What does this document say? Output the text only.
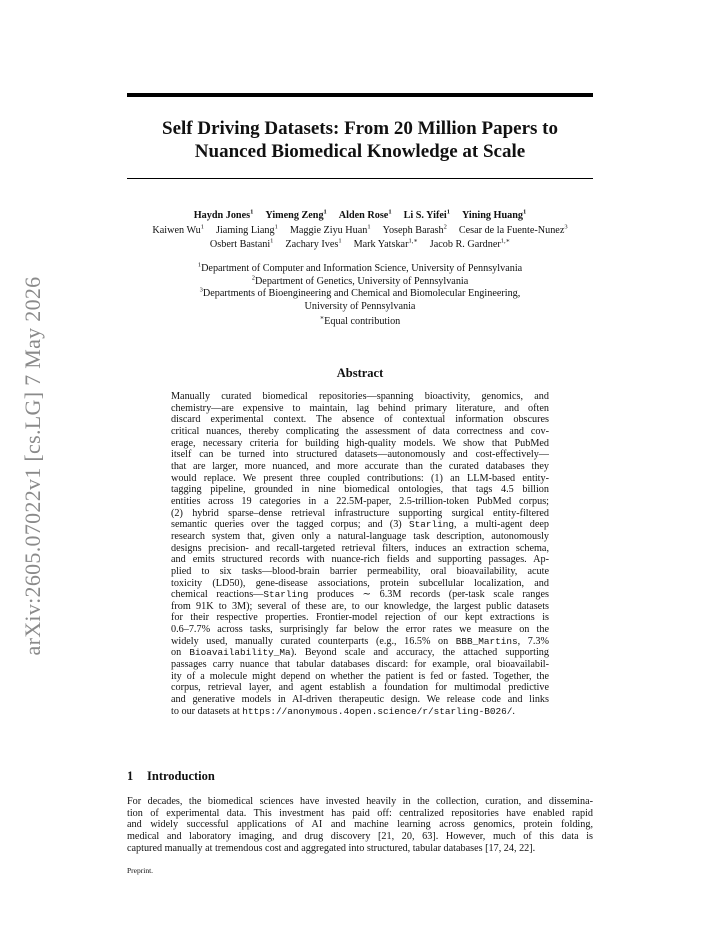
arXiv:2605.07022v1 [cs.LG] 7 May 2026
Self Driving Datasets: From 20 Million Papers to
Nuanced Biomedical Knowledge at Scale
Haydn Jones$^1$ Yimeng Zeng$^1$ Alden Rose$^1$ Li S. Yifei$^1$ Yining Huang$^1$
Kaiwen Wu$^1$ Jiaming Liang$^1$ Maggie Ziyu Huan$^1$ Yoseph Barash$^2$ Cesar de la Fuente-Nunez$^3$
Osbert Bastani$^1$ Zachary Ives$^1$ Mark Yatskar$^{1,∗}$ Jacob R. Gardner$^{1,∗}$
$^1$Department of Computer and Information Science, University of Pennsylvania
$^2$Department of Genetics, University of Pennsylvania
$^3$Departments of Bioengineering and Chemical and Biomolecular Engineering,
University of Pennsylvania
∗Equal contribution
Abstract
Manually curated biomedical repositories—spanning bioactivity, genomics, and
chemistry—are expensive to maintain, lag behind primary literature, and often
discard experimental context. The absence of contextual information obscures
critical nuances, thereby complicating the assessment of data correctness and cov-
erage, necessary criteria for building high-quality models. We show that PubMed
itself can be turned into structured datasets—autonomously and cost-effectively—
that are larger, more nuanced, and more accurate than the curated databases they
would replace. We present three coupled contributions: (1) an LLM-based entity-
tagging pipeline, grounded in nine biomedical ontologies, that tags 4.5 billion
entities across 19 categories in a 22.5M-paper, 2.5-trillion-token PubMed corpus;
(2) hybrid sparse–dense retrieval infrastructure supporting surgical entity-filtered
semantic queries over the tagged corpus; and (3) Starling, a multi-agent deep
research system that, given only a natural-language task description, autonomously
designs precision- and recall-targeted retrieval filters, induces an extraction schema,
and emits structured records with nuance-rich fields and supporting passages. Ap-
plied to six tasks—blood-brain barrier permeability, oral bioavailability, acute
toxicity (LD50), gene-disease associations, protein subcellular localization, and
chemical reactions—Starling produces ∼ 6.3M records (per-task scale ranges
from 91K to 3M); several of these are, to our knowledge, the largest public datasets
for their respective properties. Frontier-model rejection of our kept extractions is
0.6–7.7% across tasks, surprisingly far below the error rates we measure on the
widely used, manually curated counterparts (e.g., 16.5% on BBB_Martins, 7.3%
on Bioavailability_Ma). Beyond scale and accuracy, the attached supporting
passages carry nuance that tabular databases discard: for example, oral bioavailabil-
ity of a molecule might depend on whether the patient is fed or fasted. Together, the
corpus, retrieval layer, and agent establish a foundation for multimodal predictive
and generative models in AI-driven therapeutic design. We release code and links
to our datasets at https://anonymous.4open.science/r/starling-B026/.
1 Introduction
For decades, the biomedical sciences have invested heavily in the collection, curation, and dissemina-
tion of experimental data. This investment has paid off: centralized repositories have enabled rapid
and widely successful applications of AI and machine learning across genomics, protein folding,
medical and laboratory imaging, and drug discovery [21, 20, 63]. However, much of this data is
captured manually at tremendous cost and aggregated into structured, tabular databases [17, 24, 22].
Preprint.
